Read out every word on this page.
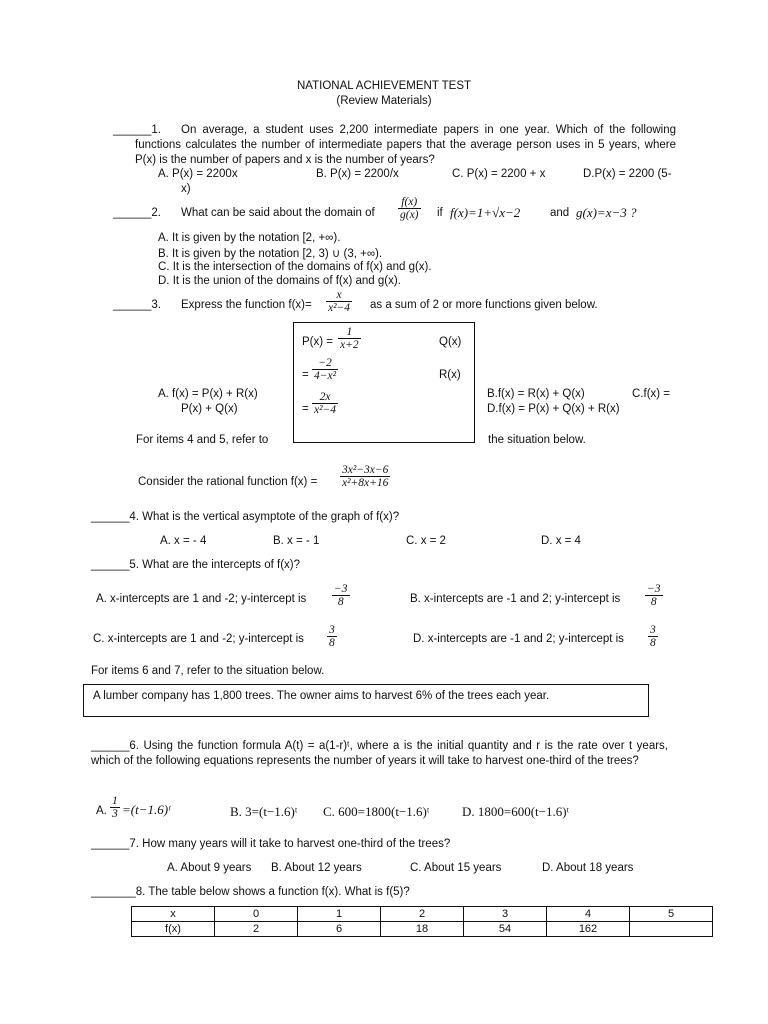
NATIONAL ACHIEVEMENT TEST
(Review Materials)
______1.	On average, a student uses 2,200 intermediate papers in one year. Which of the following functions calculates the number of intermediate papers that the average person uses in 5 years, where P(x) is the number of papers and x is the number of years?
A. P(x) = 2200x	B. P(x) = 2200/x	C. P(x) = 2200 + x	D.P(x) = 2200 (5-
x)
______2. What can be said about the domain of $\frac{f(x)}{g(x)}$ if f(x)=1+√x−2	and g(x)=x−3 ?
A. It is given by the notation [2, +∞).
B. It is given by the notation [2, 3) ∪ (3, +∞).
C. It is the intersection of the domains of f(x) and g(x).
D. It is the union of the domains of f(x) and g(x).
______3. Express the function $f(x)= \frac{x}{\text{x²−4}}$ as a sum of 2 or more functions given below.
$P(x) = \frac{1}{x+2}$	Q(x)
= $\frac{-2}{\text{4−x²}}$	R(x)
= $\frac{2x}{\text{x²−4}}$
A. f(x) = P(x) + R(x)
P(x) + Q(x)
B.f(x) = R(x) + Q(x)	C.f(x) =
D.f(x) = P(x) + Q(x) + R(x)
For items 4 and 5, refer to	the situation below.
Consider the rational function $f(x) = \frac{\text{3x²−3x−6}}{\text{x²+8x+16}}$
______4. What is the vertical asymptote of the graph of f(x)?
A. x = - 4	B. x = - 1	C. x = 2	D. x = 4
______5. What are the intercepts of f(x)?
A. x-intercepts are 1 and -2; y-intercept is $\frac{-3}{8}$	B. x-intercepts are -1 and 2; y-intercept is $\frac{-3}{8}$
C. x-intercepts are 1 and -2; y-intercept is $\frac{3}{8}$	D. x-intercepts are -1 and 2; y-intercept is $\frac{3}{8}$
For items 6 and 7, refer to the situation below.
A lumber company has 1,800 trees. The owner aims to harvest 6% of the trees each year.
______6. Using the function formula A(t) = a(1-r)ᵗ, where a is the initial quantity and r is the rate over t years, which of the following equations represents the number of years it will take to harvest one-third of the trees?
A. $\frac{1}{3}$ =(t−1.6)ᵗ	B. 3=(t−1.6)ᵗ C. 600=1800(t−1.6)ᵗ	D. 1800=600(t−1.6)ᵗ
______7. How many years will it take to harvest one-third of the trees?
A. About 9 years B. About 12 years	C. About 15 years	D. About 18 years
_______8. The table below shows a function f(x). What is f(5)?
x	0	1	2	3	4	5
f(x)	2	6	18	54	162	
